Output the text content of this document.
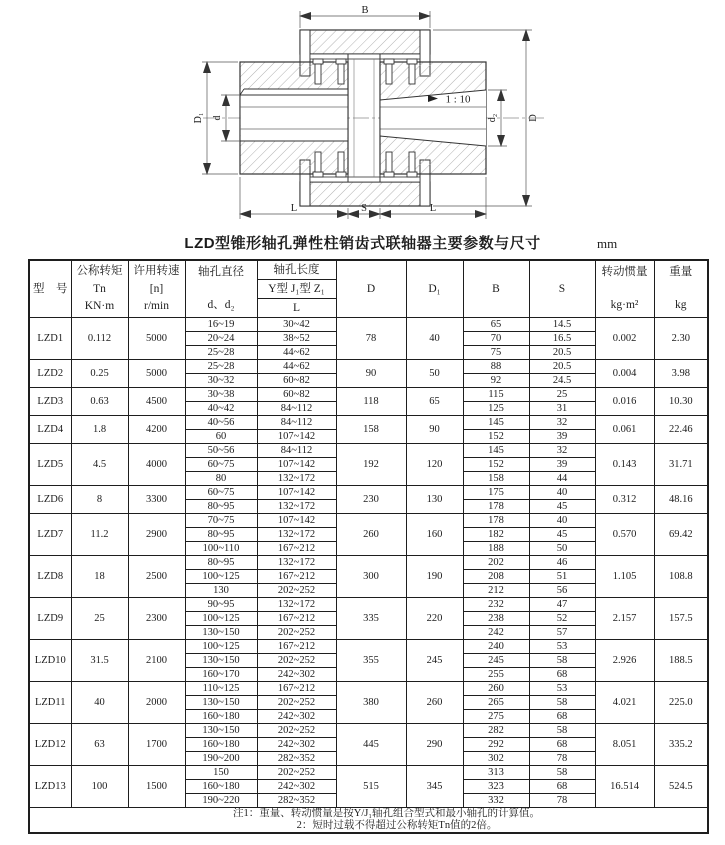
1 : 10
B
D
d₂
D₁ d
L	S	L
LZD型锥形轴孔弹性柱销齿式联轴器主要参数与尺寸	mm
型　号

公称转矩
Tn
KN·m

许用转速
[n]
r/min

轴孔直径
d、d₂

轴孔长度
Y型 J₁型 Z₁
L

D	D₁	B	S

转动惯量
kg·m²

重量
kg

LZD1	0.112	5000	16~19	30~42	78	40	65	14.5	0.002	2.30
			20~24	38~52			70	16.5		
			25~28	44~62			75	20.5		
LZD2	0.25	5000	25~28	44~62	90	50	88	20.5	0.004	3.98
			30~32	60~82			92	24.5		
LZD3	0.63	4500	30~38	60~82	118	65	115	25	0.016	10.30
			40~42	84~112			125	31		
LZD4	1.8	4200	40~56	84~112	158	90	145	32	0.061	22.46
			60	107~142			152	39		
LZD5	4.5	4000	50~56	84~112	192	120	145	32	0.143	31.71
			60~75	107~142			152	39		
			80	132~172			158	44		
LZD6	8	3300	60~75	107~142	230	130	175	40	0.312	48.16
			80~95	132~172			178	45		
LZD7	11.2	2900	70~75	107~142	260	160	178	40	0.570	69.42
			80~95	132~172			182	45		
			100~110	167~212			188	50		
LZD8	18	2500	80~95	132~172	300	190	202	46	1.105	108.8
			100~125	167~212			208	51		
			130	202~252			212	56		
LZD9	25	2300	90~95	132~172	335	220	232	47	2.157	157.5
			100~125	167~212			238	52		
			130~150	202~252			242	57		
LZD10	31.5	2100	100~125	167~212	355	245	240	53	2.926	188.5
			130~150	202~252			245	58		
			160~170	242~302			255	68		
LZD11	40	2000	110~125	167~212	380	260	260	53	4.021	225.0
			130~150	202~252			265	58		
			160~180	242~302			275	68		
LZD12	63	1700	130~150	202~252	445	290	282	58	8.051	335.2
			160~180	242~302			292	68		
			190~200	282~352			302	78		
LZD13	100	1500	150	202~252	515	345	313	58	16.514	524.5
			160~180	242~302			323	68		
			190~220	282~352			332	78		

注1：重量、转动惯量是按Y/J₁轴孔组合型式和最小轴孔的计算值。
2：短时过载不得超过公称转矩Tn值的2倍。										
